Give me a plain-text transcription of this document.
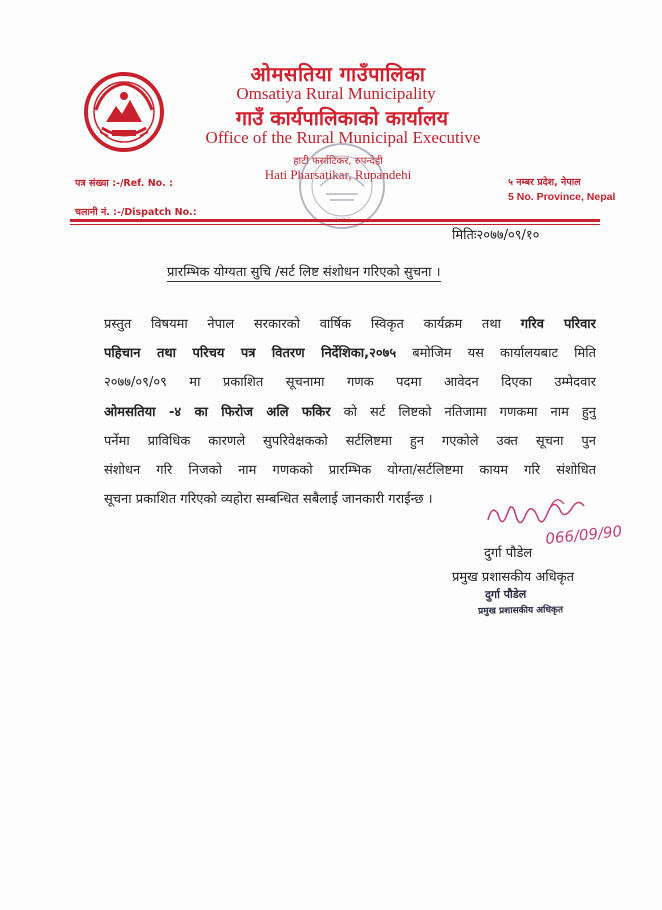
ओमसतिया गाउँपालिका
Omsatiya Rural Municipality
गाउँ कार्यपालिकाको कार्यालय
Office of the Rural Municipal Executive
हाटी फर्साटिकर, रुपन्देही
Hati Pharsatikar, Rupandehi
पत्र संख्या :-/Ref. No. :
चलानी नं. :-/Dispatch No.:
५ नम्बर प्रदेश, नेपाल
5 No. Province, Nepal
मितिः२०७७/०९/१०
प्रारम्भिक योग्यता सुचि /सर्ट लिष्ट संशोधन गरिएको सुचना ।
प्रस्तुत विषयमा नेपाल सरकारको वार्षिक स्विकृत कार्यक्रम तथा गरिव परिवार
पहिचान तथा परिचय पत्र वितरण निर्देशिका,२०७५ बमोजिम यस कार्यालयबाट मिति
२०७७/०९/०९ मा प्रकाशित सूचनामा गणक पदमा आवेदन दिएका उम्मेदवार
ओमसतिया -४ का फिरोज अलि फकिर को सर्ट लिष्टको नतिजामा गणकमा नाम हुनु
पर्नेमा प्राविधिक कारणले सुपरिवेक्षकको सर्टलिष्टमा हुन गएकोले उक्त सूचना पुन
संशोधन गरि निजको नाम गणकको प्रारम्भिक योग्ता/सर्टलिष्टमा कायम गरि संशोधित
सूचना प्रकाशित गरिएको व्यहोरा सम्बन्धित सबैलाई जानकारी गराईन्छ ।
066/09/90
दुर्गा पौडेल
प्रमुख प्रशासकीय अधिकृत
दुर्गा पौडेल
प्रमुख प्रशासकीय अधिकृत
